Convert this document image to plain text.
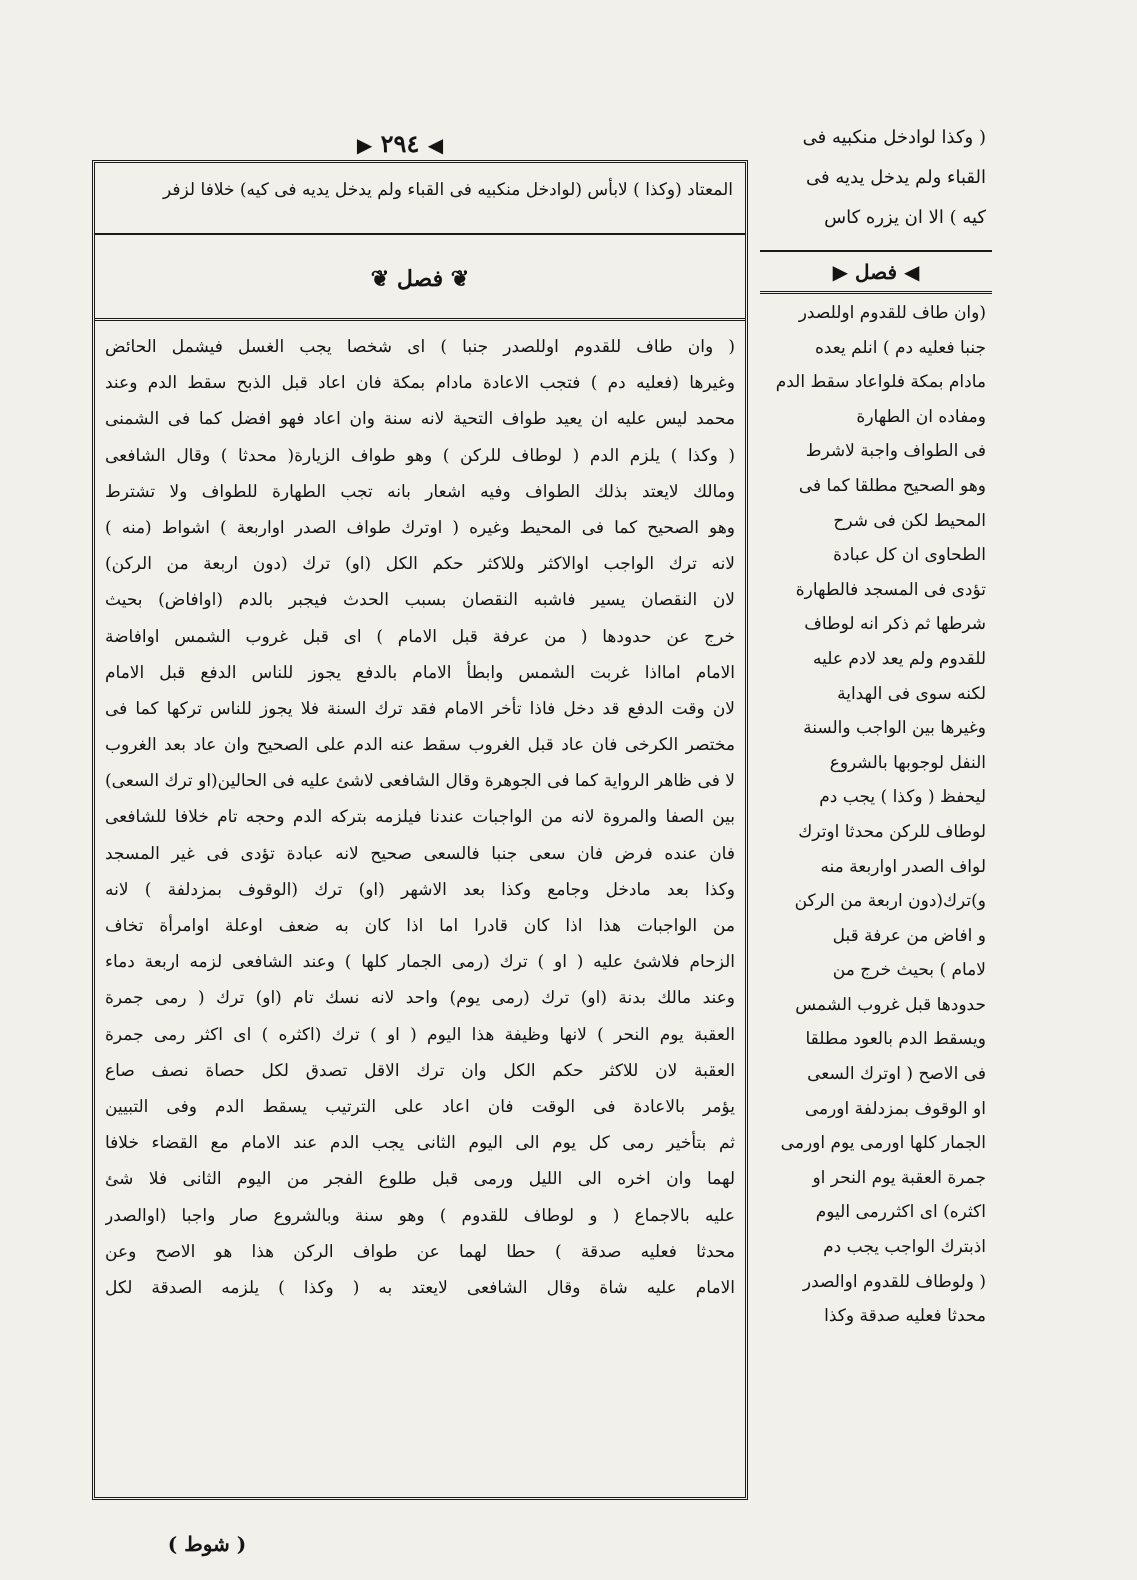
◀ ٢٩٤ ▶
المعتاد (وكذا ) لابأس (لوادخل منكبيه فى القباء ولم يدخل يديه فى كيه) خلافا لزفر
❦ فصل ❦
( وان طاف للقدوم اوللصدر جنبا ) اى شخصا يجب الغسل فيشمل الحائض
وغيرها (فعليه دم ) فتجب الاعادة مادام بمكة فان اعاد قبل الذبح سقط الدم وعند
محمد ليس عليه ان يعيد طواف التحية لانه سنة وان اعاد فهو افضل كما فى الشمنى
( وكذا ) يلزم الدم ( لوطاف للركن ) وهو طواف الزيارة( محدثا ) وقال الشافعى
ومالك لايعتد بذلك الطواف وفيه اشعار بانه تجب الطهارة للطواف ولا تشترط
وهو الصحيح كما فى المحيط وغيره ( اوترك طواف الصدر اواربعة ) اشواط (منه )
لانه ترك الواجب اوالاكثر وللاكثر حكم الكل (او) ترك (دون اربعة من الركن)
لان النقصان يسير فاشبه النقصان بسبب الحدث فيجبر بالدم (اوافاض) بحيث
خرج عن حدودها ( من عرفة قبل الامام ) اى قبل غروب الشمس اوافاضة
الامام امااذا غربت الشمس وابطأ الامام بالدفع يجوز للناس الدفع قبل الامام
لان وقت الدفع قد دخل فاذا تأخر الامام فقد ترك السنة فلا يجوز للناس تركها كما فى
مختصر الكرخى فان عاد قبل الغروب سقط عنه الدم على الصحيح وان عاد بعد الغروب
لا فى ظاهر الرواية كما فى الجوهرة وقال الشافعى لاشئ عليه فى الحالين(او ترك السعى)
بين الصفا والمروة لانه من الواجبات عندنا فيلزمه بتركه الدم وحجه تام خلافا للشافعى
فان عنده فرض فان سعى جنبا فالسعى صحيح لانه عبادة تؤدى فى غير المسجد
وكذا بعد مادخل وجامع وكذا بعد الاشهر (او) ترك (الوقوف بمزدلفة ) لانه
من الواجبات هذا اذا كان قادرا اما اذا كان به ضعف اوعلة اوامرأة تخاف
الزحام فلاشئ عليه ( او ) ترك (رمى الجمار كلها ) وعند الشافعى لزمه اربعة دماء
وعند مالك بدنة (او) ترك (رمى يوم) واحد لانه نسك تام (او) ترك ( رمى جمرة
العقبة يوم النحر ) لانها وظيفة هذا اليوم ( او ) ترك (اكثره ) اى اكثر رمى جمرة
العقبة لان للاكثر حكم الكل وان ترك الاقل تصدق لكل حصاة نصف صاع
يؤمر بالاعادة فى الوقت فان اعاد على الترتيب يسقط الدم وفى التبيين
ثم بتأخير رمى كل يوم الى اليوم الثانى يجب الدم عند الامام مع القضاء خلافا
لهما وان اخره الى الليل ورمى قبل طلوع الفجر من اليوم الثانى فلا شئ
عليه بالاجماع ( و لوطاف للقدوم ) وهو سنة وبالشروع صار واجبا (اوالصدر
محدثا فعليه صدقة ) حطا لهما عن طواف الركن هذا هو الاصح وعن
الامام عليه شاة وقال الشافعى لايعتد به ( وكذا ) يلزمه الصدقة لكل
( وكذا لوادخل منكبيه فى
القباء ولم يدخل يديه فى
كيه ) الا ان يزره كاس
◀ فصل ▶
(وان طاف للقدوم اوللصدر
جنبا فعليه دم ) انلم يعده
مادام بمكة فلواعاد سقط الدم
ومفاده ان الطهارة
فى الطواف واجبة لاشرط
وهو الصحيح مطلقا كما فى
المحيط لكن فى شرح
الطحاوى ان كل عبادة
تؤدى فى المسجد فالطهارة
شرطها ثم ذكر انه لوطاف
للقدوم ولم يعد لادم عليه
لكنه سوى فى الهداية
وغيرها بين الواجب والسنة
النفل لوجوبها بالشروع
ليحفظ ( وكذا ) يجب دم
لوطاف للركن محدثا اوترك
لواف الصدر اواربعة منه
و)ترك(دون اربعة من الركن
و افاض من عرفة قبل
لامام ) بحيث خرج من
حدودها قبل غروب الشمس
ويسقط الدم بالعود مطلقا
فى الاصح ( اوترك السعى
او الوقوف بمزدلفة اورمى
الجمار كلها اورمى يوم اورمى
جمرة العقبة يوم النحر او
اكثره) اى اكثررمى اليوم
اذبترك الواجب يجب دم
( ولوطاف للقدوم اوالصدر
محدثا فعليه صدقة وكذا
( شوط )
